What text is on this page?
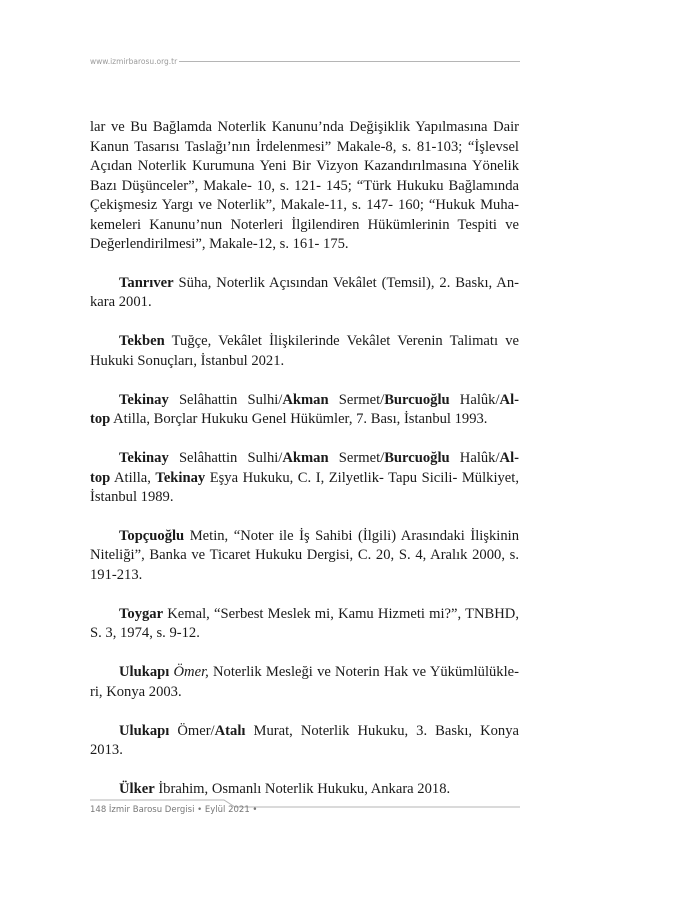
www.izmirbarosu.org.tr
lar ve Bu Bağlamda Noterlik Kanunu’nda Değişiklik Yapılmasına Dair
Kanun Tasarısı Taslağı’nın İrdelenmesi” Makale-8, s. 81-103; “İşlevsel
Açıdan Noterlik Kurumuna Yeni Bir Vizyon Kazandırılmasına Yönelik
Bazı Düşünceler”, Makale- 10, s. 121- 145; “Türk Hukuku Bağlamında
Çekişmesiz Yargı ve Noterlik”, Makale-11, s. 147- 160; “Hukuk Muha-
kemeleri Kanunu’nun Noterleri İlgilendiren Hükümlerinin Tespiti ve
Değerlendirilmesi”, Makale-12, s. 161- 175.
Tanrıver Süha, Noterlik Açısından Vekâlet (Temsil), 2. Baskı, An-
kara 2001.
Tekben Tuğçe, Vekâlet İlişkilerinde Vekâlet Verenin Talimatı ve
Hukuki Sonuçları, İstanbul 2021.
Tekinay Selâhattin Sulhi/Akman Sermet/Burcuoğlu Halûk/Al-
top Atilla, Borçlar Hukuku Genel Hükümler, 7. Bası, İstanbul 1993.
Tekinay Selâhattin Sulhi/Akman Sermet/Burcuoğlu Halûk/Al-
top Atilla, Tekinay Eşya Hukuku, C. I, Zilyetlik- Tapu Sicili- Mülkiyet,
İstanbul 1989.
Topçuoğlu Metin, “Noter ile İş Sahibi (İlgili) Arasındaki İlişkinin
Niteliği”, Banka ve Ticaret Hukuku Dergisi, C. 20, S. 4, Aralık 2000, s.
191-213.
Toygar Kemal, “Serbest Meslek mi, Kamu Hizmeti mi?”, TNBHD,
S. 3, 1974, s. 9-12.
Ulukapı Ömer, Noterlik Mesleği ve Noterin Hak ve Yükümlülükle-
ri, Konya 2003.
Ulukapı Ömer/Atalı Murat, Noterlik Hukuku, 3. Baskı, Konya
2013.
Ülker İbrahim, Osmanlı Noterlik Hukuku, Ankara 2018.
148 İzmir Barosu Dergisi • Eylül 2021 •
